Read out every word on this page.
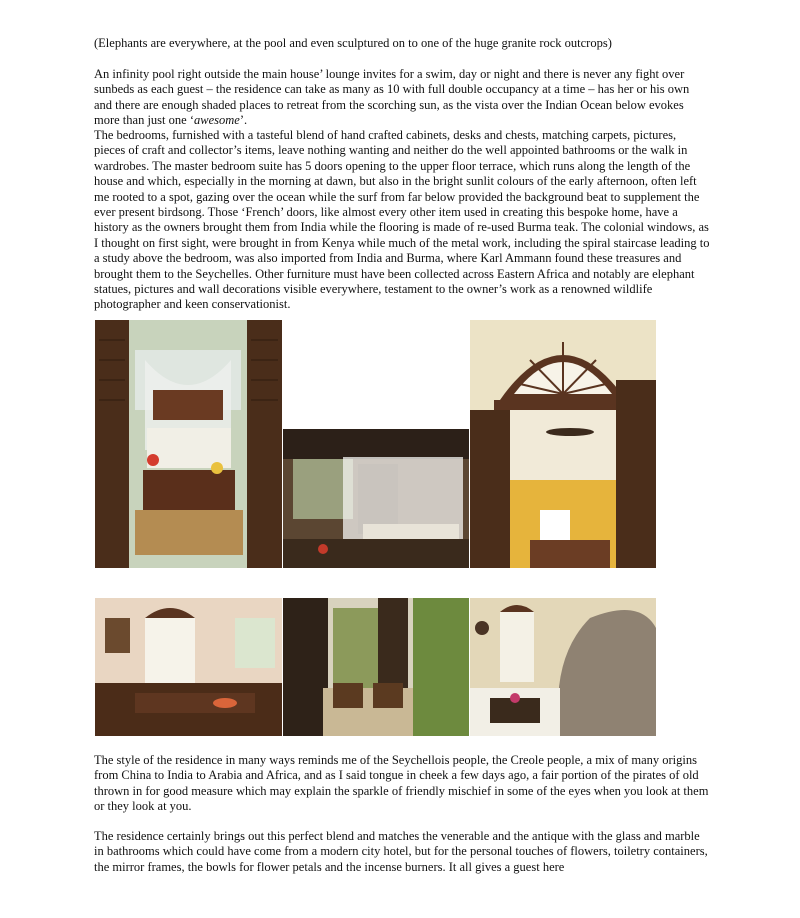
(Elephants are everywhere, at the pool and even sculptured on to one of the huge granite rock outcrops)

An infinity pool right outside the main house’ lounge invites for a swim, day or night and there is never any fight over sunbeds as each guest – the residence can take as many as 10 with full double occupancy at a time – has her or his own and there are enough shaded places to retreat from the scorching sun, as the vista over the Indian Ocean below evokes more than just one ‘awesome’.

The bedrooms, furnished with a tasteful blend of hand crafted cabinets, desks and chests, matching carpets, pictures, pieces of craft and collector’s items, leave nothing wanting and neither do the well appointed bathrooms or the walk in wardrobes. The master bedroom suite has 5 doors opening to the upper floor terrace, which runs along the length of the house and which, especially in the morning at dawn, but also in the bright sunlit colours of the early afternoon, often left me rooted to a spot, gazing over the ocean while the surf from far below provided the background beat to supplement the ever present birdsong. Those ‘French’ doors, like almost every other item used in creating this bespoke home, have a history as the owners brought them from India while the flooring is made of re-used Burma teak. The colonial windows, as I thought on first sight, were brought in from Kenya while much of the metal work, including the spiral staircase leading to a study above the bedroom, was also imported from India and Burma, where Karl Ammann found these treasures and brought them to the Seychelles. Other furniture must have been collected across Eastern Africa and notably are elephant statues, pictures and wall decorations visible everywhere, testament to the owner’s work as a renowned wildlife photographer and keen conservationist.

The style of the residence in many ways reminds me of the Seychellois people, the Creole people, a mix of many origins from China to India to Arabia and Africa, and as I said tongue in cheek a few days ago, a fair portion of the pirates of old thrown in for good measure which may explain the sparkle of friendly mischief in some of the eyes when you look at them or they look at you.

The residence certainly brings out this perfect blend and matches the venerable and the antique with the glass and marble in bathrooms which could have come from a modern city hotel, but for the personal touches of flowers, toiletry containers, the mirror frames, the bowls for flower petals and the incense burners. It all gives a guest here
